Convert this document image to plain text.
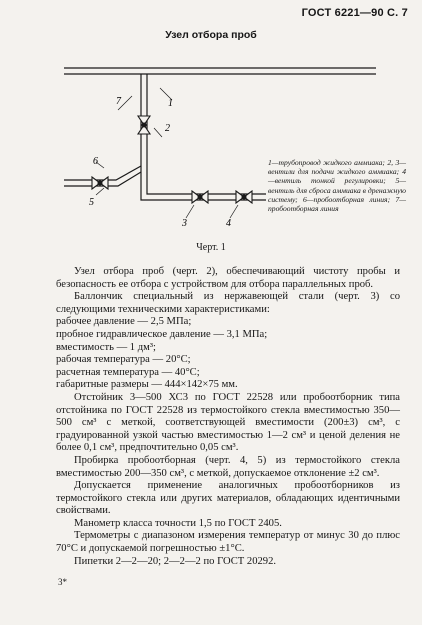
ГОСТ 6221—90 С. 7
Узел отбора проб
7	1
2
6
5
3	4
1—трубопровод жидкого аммиака; 2, 3—вентили для подачи жидкого аммиака; 4—вентиль тонкой регулировки; 5—вентиль для сброса аммиака в дренажную систему; 6—пробоотборная линия; 7—пробоотборная линия
Черт. 1

Узел отбора проб (черт. 2), обеспечивающий чистоту пробы и безопасность ее отбора с устройством для отбора параллельных проб.

Баллончик специальный из нержавеющей стали (черт. 3) со следующими техническими характеристиками:

рабочее давление — 2,5 МПа;

пробное гидравлическое давление — 3,1 МПа;

вместимость — 1 дм³;

рабочая температура — 20°С;

расчетная температура — 40°С;

габаритные размеры — 444×142×75 мм.

Отстойник 3—500 ХС3 по ГОСТ 22528 или пробоотборник типа отстойника по ГОСТ 22528 из термостойкого стекла вместимостью 350—500 см³ с меткой, соответствующей вместимости (200±3) см³, с градуированной узкой частью вместимостью 1—2 см³ и ценой деления не более 0,1 см³, предпочтительно 0,05 см³.

Пробирка пробоотборная (черт. 4, 5) из термостойкого стекла вместимостью 200—350 см³, с меткой, допускаемое отклонение ±2 см³.

Допускается применение аналогичных пробоотборников из термостойкого стекла или других материалов, обладающих идентичными свойствами.

Манометр класса точности 1,5 по ГОСТ 2405.

Термометры с диапазоном измерения температур от минус 30 до плюс 70°С и допускаемой погрешностью ±1°С.

Пипетки 2—2—20; 2—2—2 по ГОСТ 20292.

3*
